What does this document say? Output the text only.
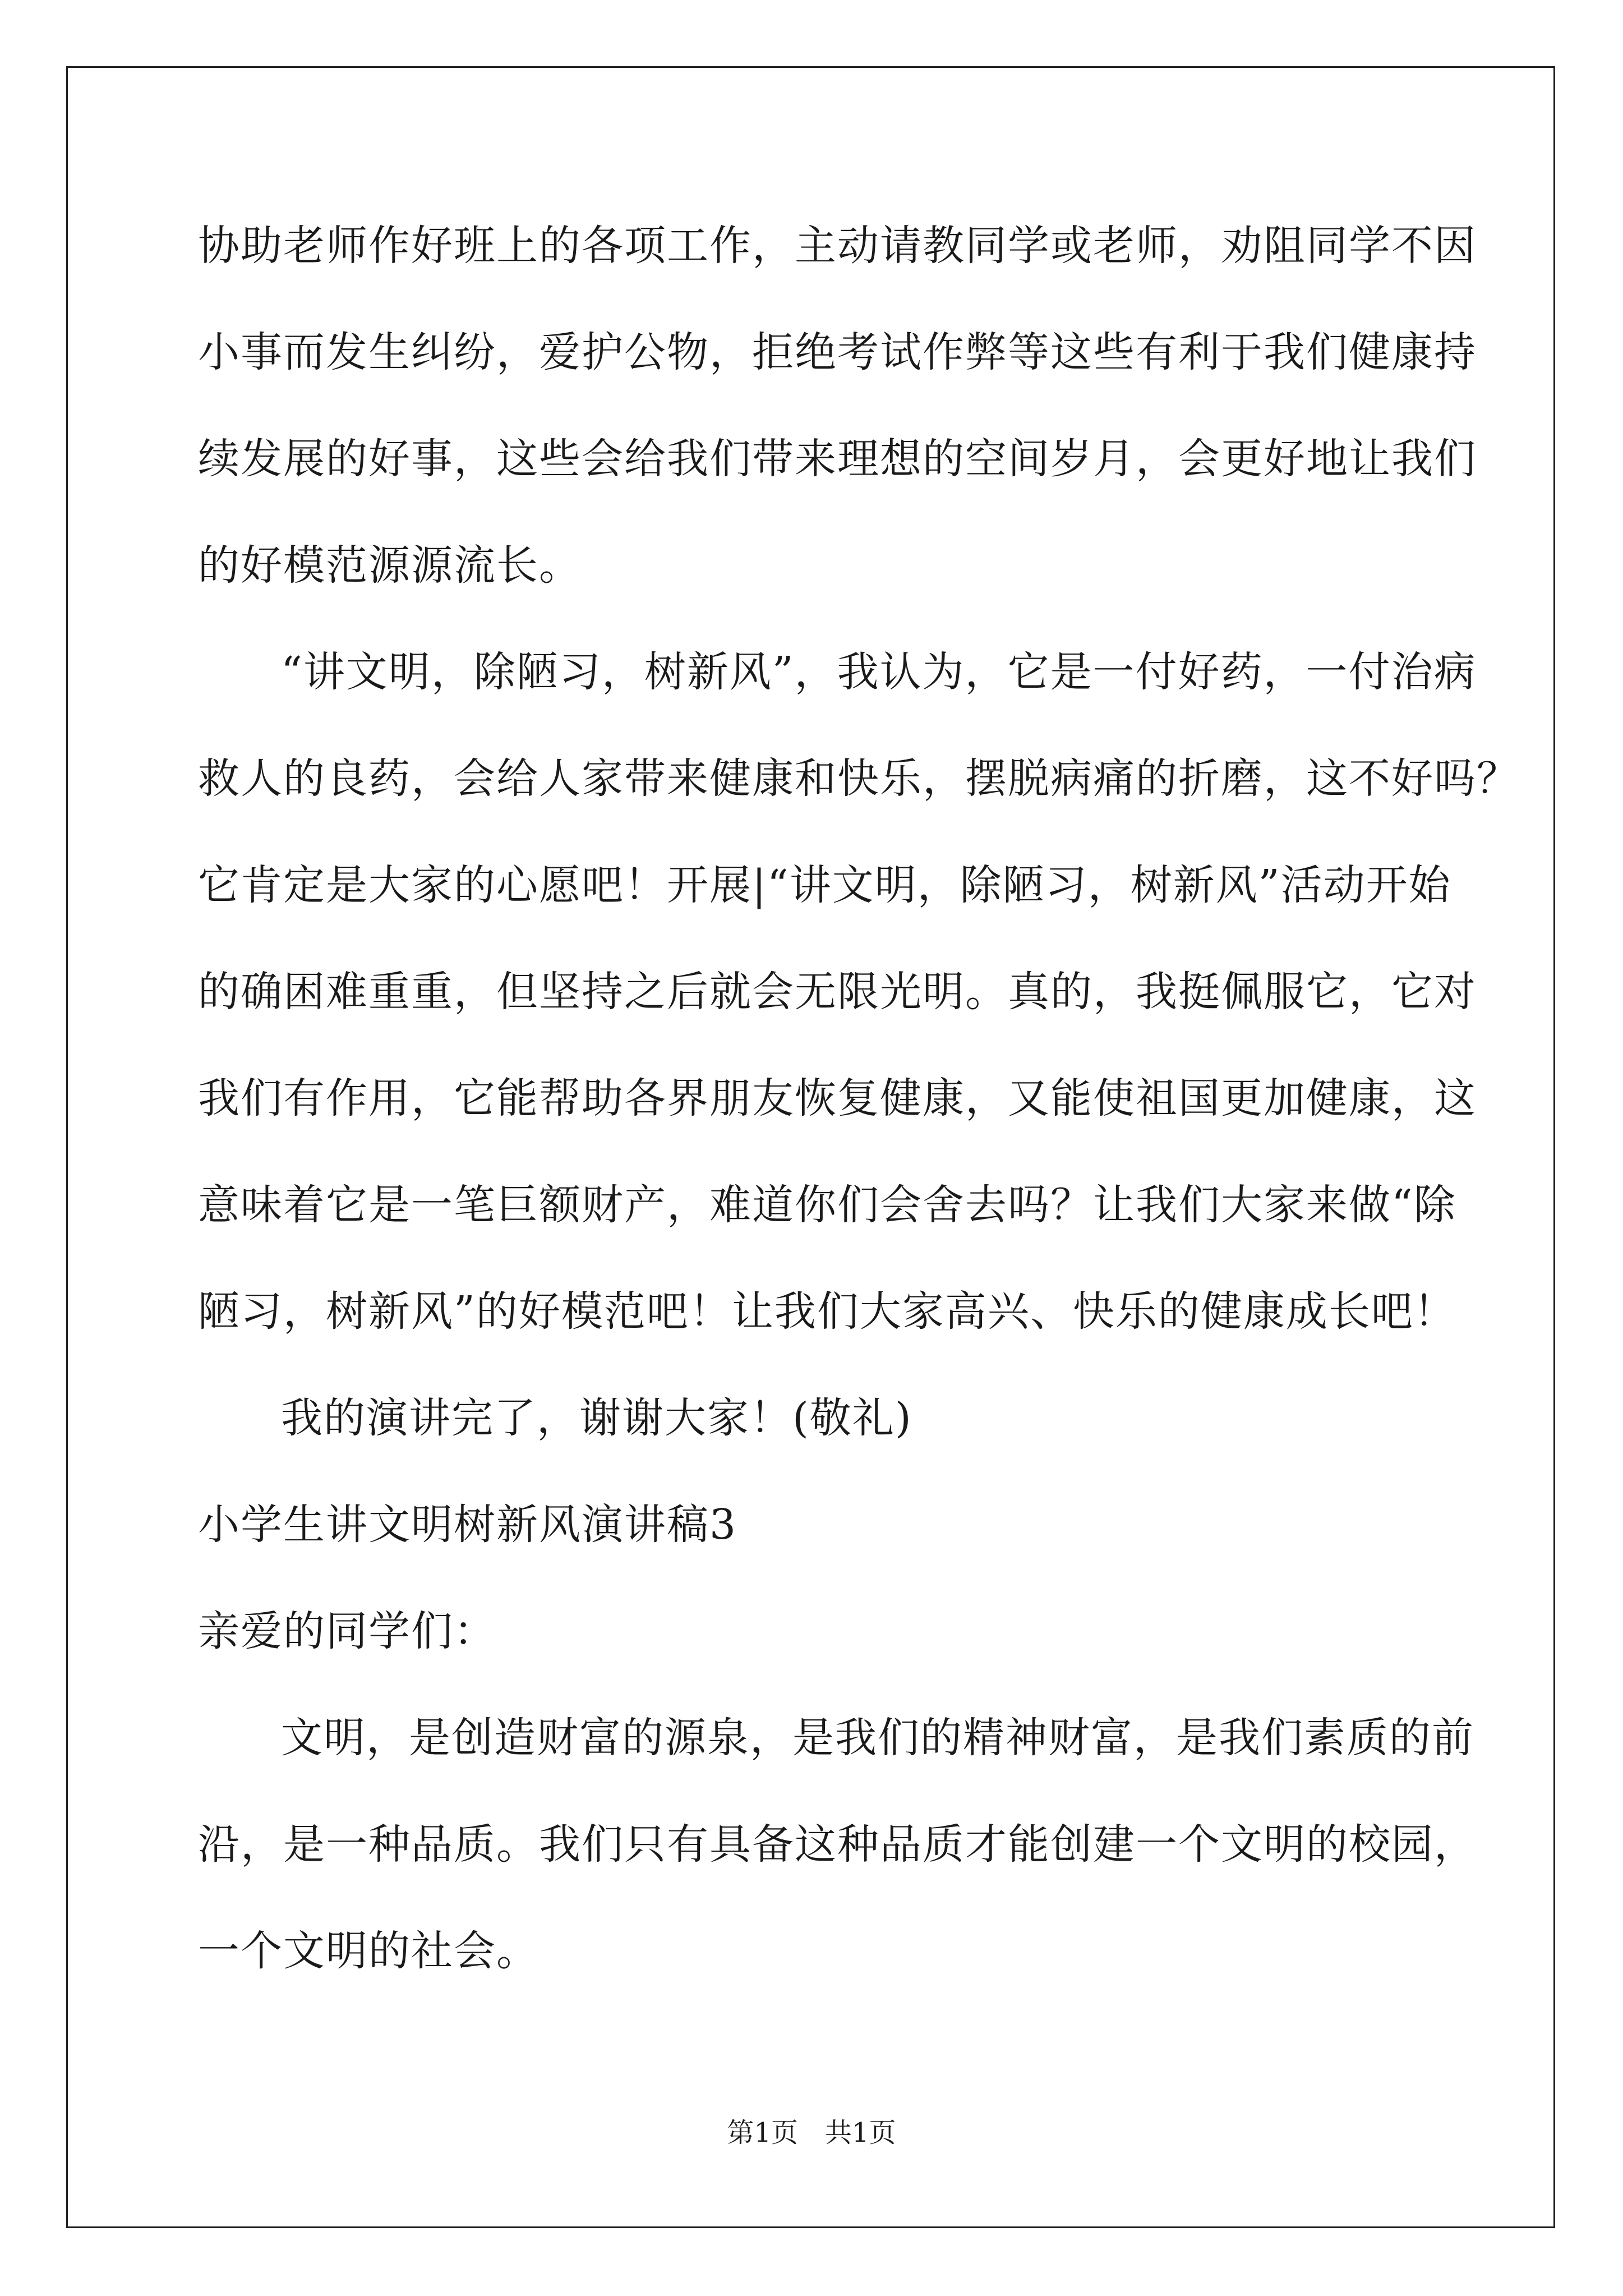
协助老师作好班上的各项工作，主动请教同学或老师，劝阻同学不因
小事而发生纠纷，爱护公物，拒绝考试作弊等这些有利于我们健康持
续发展的好事，这些会给我们带来理想的空间岁月，会更好地让我们
的好模范源源流长。
“讲文明，除陋习，树新风”，我认为，它是一付好药，一付治病
救人的良药，会给人家带来健康和快乐，摆脱病痛的折磨，这不好吗？
它肯定是大家的心愿吧！开展|“讲文明，除陋习，树新风”活动开始
的确困难重重，但坚持之后就会无限光明。真的，我挺佩服它，它对
我们有作用，它能帮助各界朋友恢复健康，又能使祖国更加健康，这
意味着它是一笔巨额财产，难道你们会舍去吗？让我们大家来做“除
陋习，树新风”的好模范吧！让我们大家高兴、快乐的健康成长吧！
我的演讲完了，谢谢大家！(敬礼)
小学生讲文明树新风演讲稿3
亲爱的同学们：
文明，是创造财富的源泉，是我们的精神财富，是我们素质的前
沿，是一种品质。我们只有具备这种品质才能创建一个文明的校园，
一个文明的社会。
第1页　共1页
